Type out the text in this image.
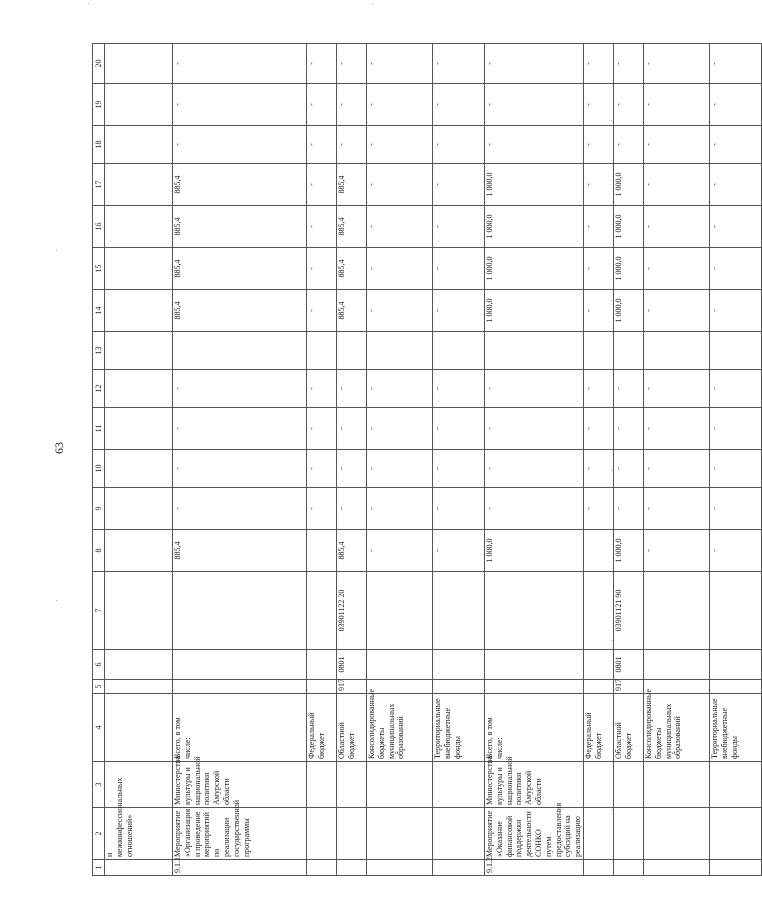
63
1	2	3	4	5	6	7	8	9	10	11	12	13	14	15	16	17	18	19	20
	и межконфессиональных отношений»																		
9.1.1.	Мероприятие «Организация и проведение мероприятий по реализации государственной программы	Министерство культуры и национальной политики Амурской области	Всего, в том числе:				885,4	-	-	-	-		885,4	885,4	885,4	885,4	-	-	-
			Федеральный бюджет					-	-	-	-		-	-	-	-	-	-	-
			Областной бюджет	917	0801	03901122 20	885,4	-	-	-	-		885,4	885,4	885,4	885,4	-	-	-
			Консолидированные бюджеты муниципальных образований				-	-	-	-	-		-	-	-	-	-	-	-
			Территориальные внебюджетные фонды				-	-	-	-	-		-	-	-	-	-	-	-
9.1.2.	Мероприятие «Оказание финансовой поддержки деятельности СОНКО путем предоставления субсидий на реализацию	Министерство культуры и национальной политики Амурской области	Всего, в том числе:				1 000,0	-	-	-	-		1 000,0	1 000,0	1 000,0	1 000,0	-	-	-
			Федеральный бюджет					-	-	-	-		-	-	-	-	-	-	-
			Областной бюджет	917	0801	03901121 90	1 000,0	-	-	-	-		1 000,0	1 000,0	1 000,0	1 000,0	-	-	-
			Консолидированные бюджеты муниципальных образований				-	-	-	-	-		-	-	-	-	-	-	-
			Территориальные внебюджетные фонды				-	-	-	-	-		-	-	-	-	-	-	-
